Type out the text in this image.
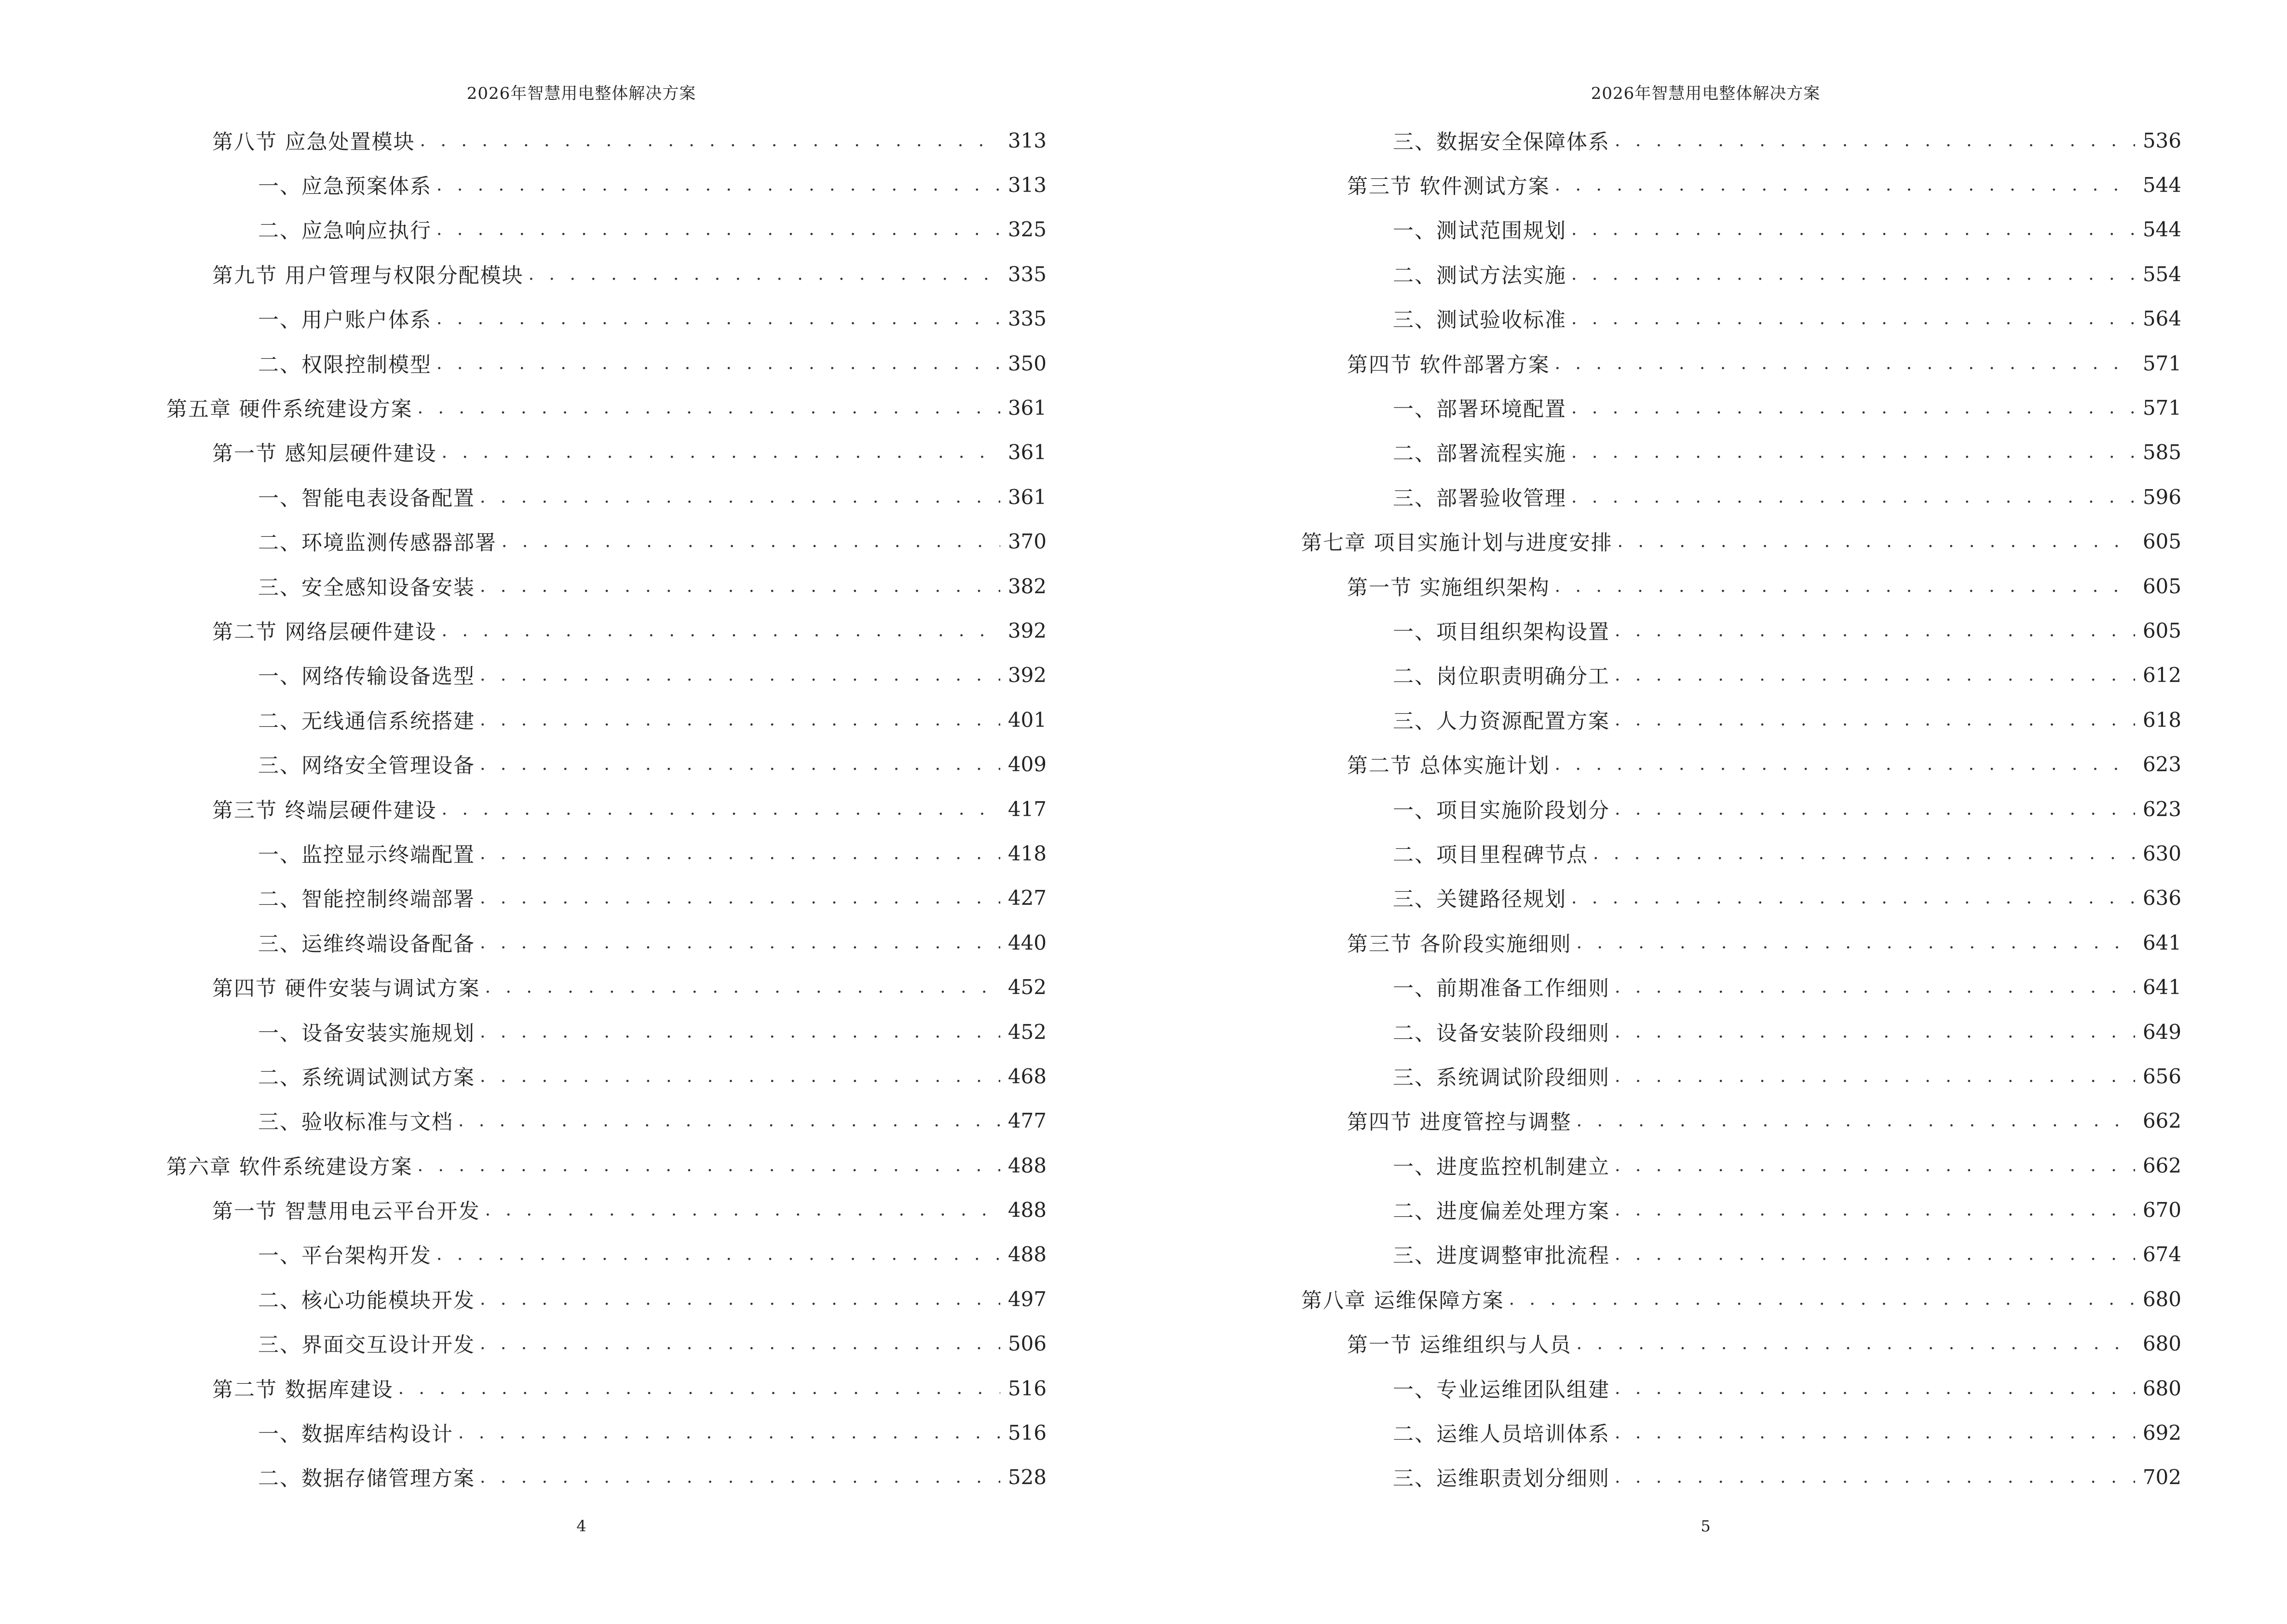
2026年智慧用电整体解决方案
第八节 应急处置模块 . . .	313
一、应急预案体系 . . .	313
二、应急响应执行 . . .	325
第九节 用户管理与权限分配模块 . . .	335
一、用户账户体系 . . .	335
二、权限控制模型 . . .	350
第五章 硬件系统建设方案 . . .	361
第一节 感知层硬件建设 . . .	361
一、智能电表设备配置 . . .	361
二、环境监测传感器部署 . . .	370
三、安全感知设备安装 . . .	382
第二节 网络层硬件建设 . . .	392
一、网络传输设备选型 . . .	392
二、无线通信系统搭建 . . .	401
三、网络安全管理设备 . . .	409
第三节 终端层硬件建设 . . .	417
一、监控显示终端配置 . . .	418
二、智能控制终端部署 . . .	427
三、运维终端设备配备 . . .	440
第四节 硬件安装与调试方案 . . .	452
一、设备安装实施规划 . . .	452
二、系统调试测试方案 . . .	468
三、验收标准与文档 . . .	477
第六章 软件系统建设方案 . . .	488
第一节 智慧用电云平台开发 . . .	488
一、平台架构开发 . . .	488
二、核心功能模块开发 . . .	497
三、界面交互设计开发 . . .	506
第二节 数据库建设 . . .	516
一、数据库结构设计 . . .	516
二、数据存储管理方案 . . .	528
4
2026年智慧用电整体解决方案
三、数据安全保障体系 . . .	536
第三节 软件测试方案 . . .	544
一、测试范围规划 . . .	544
二、测试方法实施 . . .	554
三、测试验收标准 . . .	564
第四节 软件部署方案 . . .	571
一、部署环境配置 . . .	571
二、部署流程实施 . . .	585
三、部署验收管理 . . .	596
第七章 项目实施计划与进度安排 . . .	605
第一节 实施组织架构 . . .	605
一、项目组织架构设置 . . .	605
二、岗位职责明确分工 . . .	612
三、人力资源配置方案 . . .	618
第二节 总体实施计划 . . .	623
一、项目实施阶段划分 . . .	623
二、项目里程碑节点 . . .	630
三、关键路径规划 . . .	636
第三节 各阶段实施细则 . . .	641
一、前期准备工作细则 . . .	641
二、设备安装阶段细则 . . .	649
三、系统调试阶段细则 . . .	656
第四节 进度管控与调整 . . .	662
一、进度监控机制建立 . . .	662
二、进度偏差处理方案 . . .	670
三、进度调整审批流程 . . .	674
第八章 运维保障方案 . . .	680
第一节 运维组织与人员 . . .	680
一、专业运维团队组建 . . .	680
二、运维人员培训体系 . . .	692
三、运维职责划分细则 . . .	702
5
